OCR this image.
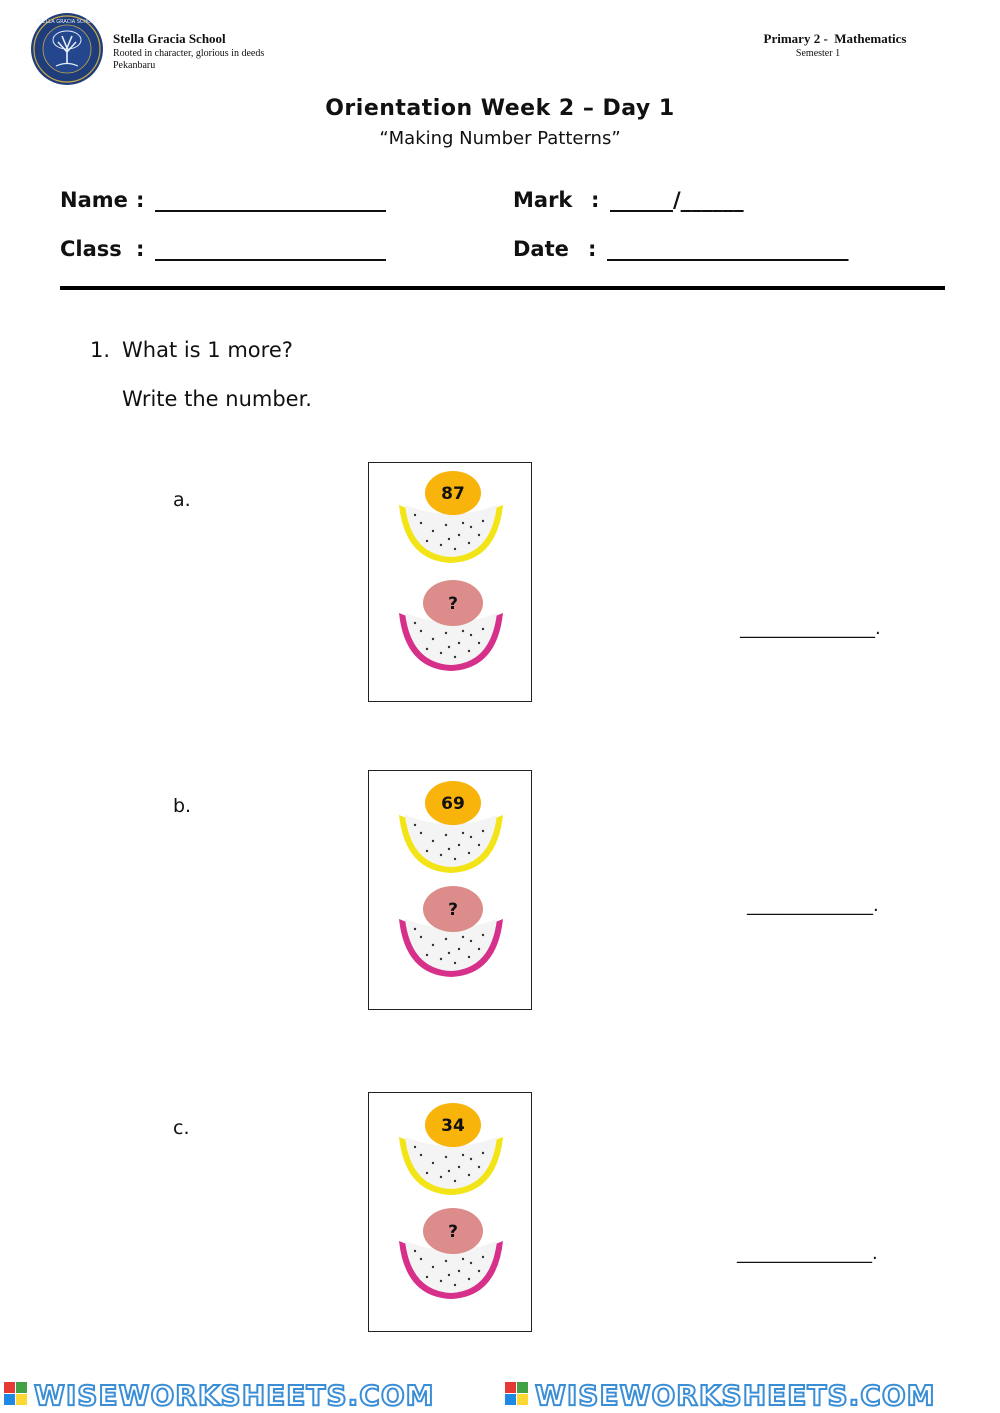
STELLA GRACIA SCHOOL
Stella Gracia School
Rooted in character, glorious in deeds
Pekanbaru
Primary 2 -  Mathematics
Semester 1
Orientation Week 2 – Day 1
“Making Number Patterns”
Name : ______________________	Mark : ______/______
Class : ______________________	Date : _______________________
1. What is 1 more?
Write the number.
a.	87
?
_______________.
b.	69
?	______________.
c.	34
?
_______________.
WISEWORKSHEETS.COM	WISEWORKSHEETS.COM
